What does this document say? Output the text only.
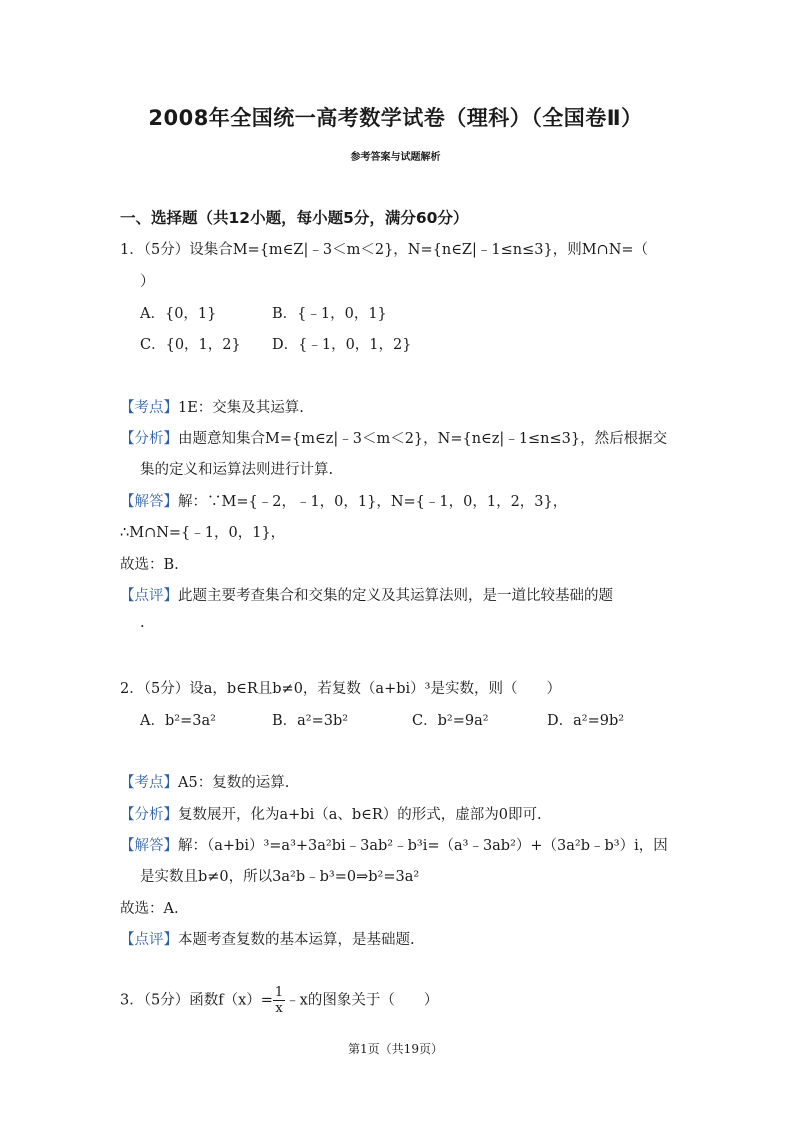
2008年全国统一高考数学试卷（理科）（全国卷Ⅱ）
参考答案与试题解析
一、选择题（共12小题，每小题5分，满分60分）
1．（5分）设集合M={m∈Z|﹣3＜m＜2}，N={n∈Z|﹣1≤n≤3}，则M∩N=（
）
A．{0，1}	B．{﹣1，0，1}
C．{0，1，2} D．{﹣1，0，1，2}
【考点】1E：交集及其运算.
【分析】由题意知集合M={m∈z|﹣3＜m＜2}，N={n∈z|﹣1≤n≤3}，然后根据交
集的定义和运算法则进行计算.
【解答】解：∵M={﹣2，﹣1，0，1}，N={﹣1，0，1，2，3}，
∴M∩N={﹣1，0，1}，
故选：B.
【点评】此题主要考查集合和交集的定义及其运算法则，是一道比较基础的题
.
2．（5分）设a，b∈R且b≠0，若复数（a+bi）³是实数，则（　　）
A．b²=3a²	B．a²=3b²	C．b²=9a²	D．a²=9b²
【考点】A5：复数的运算.
【分析】复数展开，化为a+bi（a、b∈R）的形式，虚部为0即可.
【解答】解：（a+bi）³=a³+3a²bi﹣3ab²﹣b³i=（a³﹣3ab²）+（3a²b﹣b³）i，因
是实数且b≠0，所以3a²b﹣b³=0⇒b²=3a²
故选：A.
【点评】本题考查复数的基本运算，是基础题.
3．（5分）函数$f(x)= \frac{1}{x}$ ﹣x的图象关于（　　）
第1页（共19页）
